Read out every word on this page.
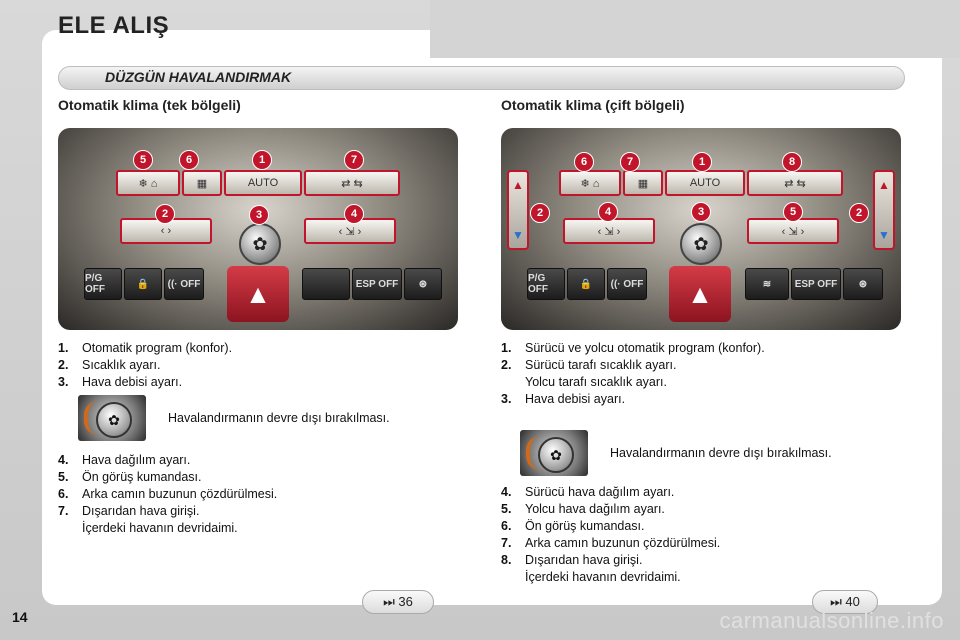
ELE ALIŞ
DÜZGÜN HAVALANDIRMAK
Otomatik klima (tek bölgeli)
❄ ⌂	▦	AUTO	⇄ ⇆
‹ ›	‹ ⇲ ›
✿
▲
P/G OFF	🔒	((· OFF	ESP OFF	⊛
5	6	1	7
2	3	4
1.	Otomatik program (konfor).
2.	Sıcaklık ayarı.
3.	Hava debisi ayarı.
✿	Havalandırmanın devre dışı bırakılması.
4.	Hava dağılım ayarı.
5.	Ön görüş kumandası.
6.	Arka camın buzunun çözdürülmesi.
7.	Dışarıdan hava girişi.
İçerdeki havanın devridaimi.
Otomatik klima (çift bölgeli)
▲
▼
▲
▼
❄ ⌂	▦	AUTO	⇄ ⇆
‹ ⇲ ›	‹ ⇲ ›
✿
▲
P/G OFF	🔒	((· OFF	≋	ESP OFF	⊛
6	7	1	8
2	4	3	5	2
1.	Sürücü ve yolcu otomatik program (konfor).
2.	Sürücü tarafı sıcaklık ayarı.
Yolcu tarafı sıcaklık ayarı.
3.	Hava debisi ayarı.
✿	Havalandırmanın devre dışı bırakılması.
4.	Sürücü hava dağılım ayarı.
5.	Yolcu hava dağılım ayarı.
6.	Ön görüş kumandası.
7.	Arka camın buzunun çözdürülmesi.
8.	Dışarıdan hava girişi.
İçerdeki havanın devridaimi.
⏭ 36	⏭ 40
14	carmanualsonline.info
